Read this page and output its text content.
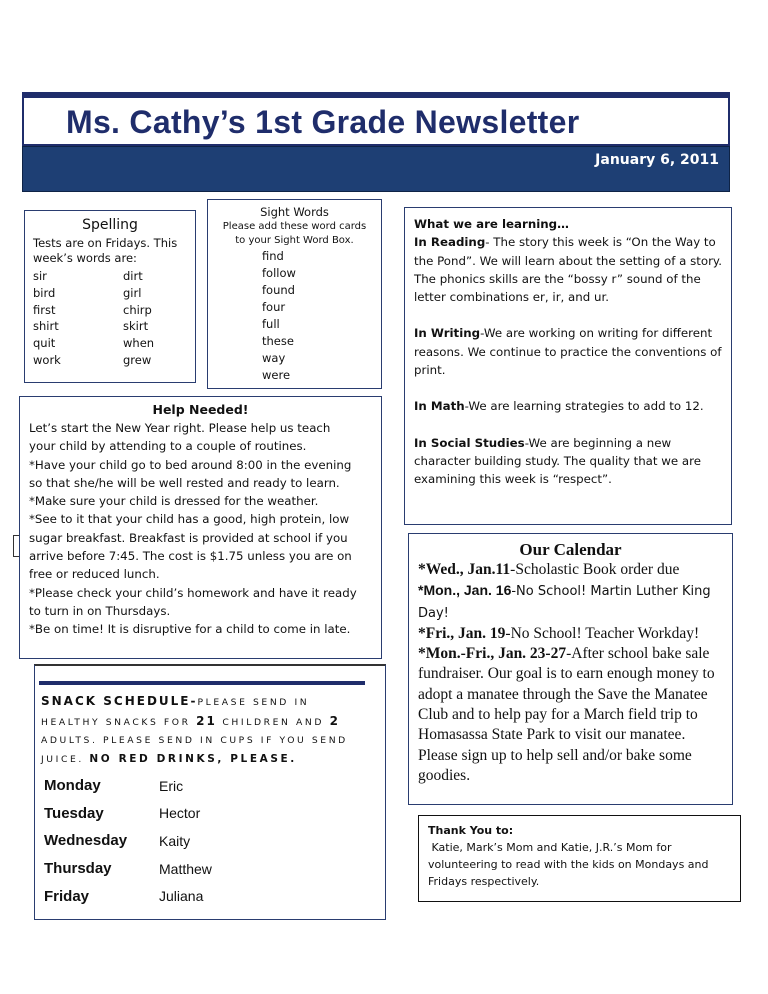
Ms. Cathy’s 1st Grade Newsletter
January 6, 2011
Spelling
Tests are on Fridays. This
week’s words are:
sir	dirt
bird	girl
first	chirp
shirt	skirt
quit	when
work	grew
Sight Words
Please add these word cards
to your Sight Word Box.
find
follow
found
four
full
these
way
were

What we are learning…
In Reading- The story this week is “On the Way to the Pond”. We will learn about the setting of a story. The phonics skills are the “bossy r” sound of the letter combinations er, ir, and ur.

In Writing-We are working on writing for different reasons. We continue to practice the conventions of print.

In Math-We are learning strategies to add to 12.

In Social Studies-We are beginning a new character building study. The quality that we are examining this week is “respect”.

Help Needed!
Let’s start the New Year right. Please help us teach
your child by attending to a couple of routines.
*Have your child go to bed around 8:00 in the evening
so that she/he will be well rested and ready to learn.
*Make sure your child is dressed for the weather.
*See to it that your child has a good, high protein, low
sugar breakfast. Breakfast is provided at school if you
arrive before 7:45. The cost is $1.75 unless you are on
free or reduced lunch.
*Please check your child’s homework and have it ready
to turn in on Thursdays.
*Be on time! It is disruptive for a child to come in late.
Our Calendar
*Wed., Jan.11-Scholastic Book order due
*Mon., Jan. 16-No School! Martin Luther King Day!
*Fri., Jan. 19-No School! Teacher Workday!
*Mon.-Fri., Jan. 23-27-After school bake sale fundraiser. Our goal is to earn enough money to adopt a manatee through the Save the Manatee Club and to help pay for a March field trip to Homasassa State Park to visit our manatee. Please sign up to help sell and/or bake some goodies.
SNACK SCHEDULE-PLEASE SEND IN HEALTHY SNACKS FOR 21 CHILDREN AND 2 ADULTS. PLEASE SEND IN CUPS IF YOU SEND JUICE. NO RED DRINKS, PLEASE.
Monday	Eric
Tuesday	Hector
Wednesday	Kaity
Thursday	Matthew
Friday	Juliana
Thank You to:
Katie, Mark’s Mom and Katie, J.R.’s Mom for
volunteering to read with the kids on Mondays and
Fridays respectively.
